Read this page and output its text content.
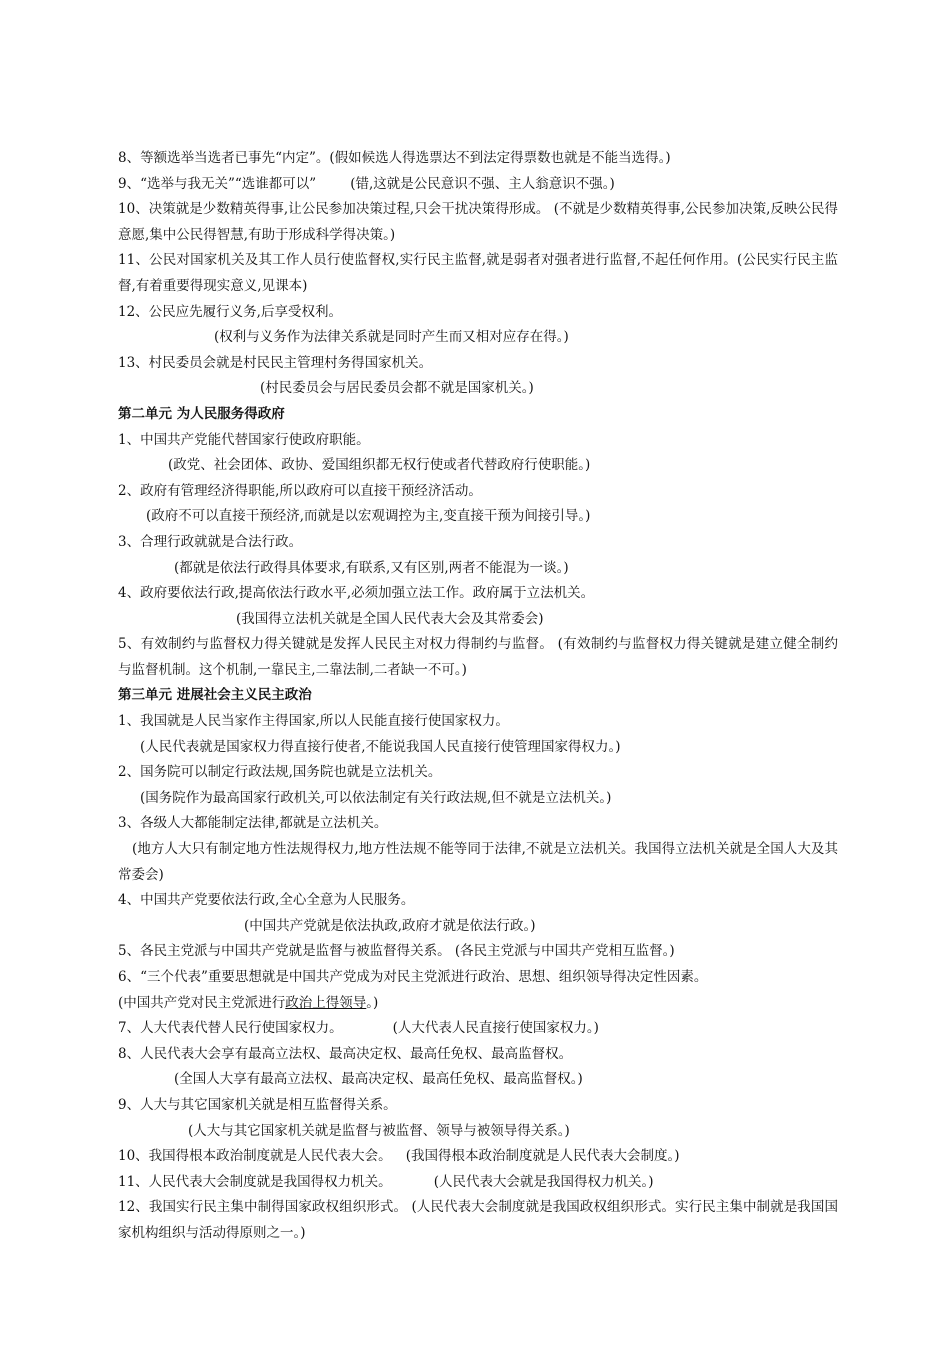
8、等额选举当选者已事先“内定”。(假如候选人得选票达不到法定得票数也就是不能当选得。)
9、“选举与我无关”“选谁都可以”	(错,这就是公民意识不强、主人翁意识不强。)
10、决策就是少数精英得事,让公民参加决策过程,只会干扰决策得形成。 (不就是少数精英得事,公民参加决策,反映公民得意愿,集中公民得智慧,有助于形成科学得决策。)
11、公民对国家机关及其工作人员行使监督权,实行民主监督,就是弱者对强者进行监督,不起任何作用。(公民实行民主监督,有着重要得现实意义,见课本)
12、公民应先履行义务,后享受权利。
(权利与义务作为法律关系就是同时产生而又相对应存在得。)
13、村民委员会就是村民民主管理村务得国家机关。
(村民委员会与居民委员会都不就是国家机关。)
第二单元 为人民服务得政府
1、中国共产党能代替国家行使政府职能。
(政党、社会团体、政协、爱国组织都无权行使或者代替政府行使职能。)
2、政府有管理经济得职能,所以政府可以直接干预经济活动。
(政府不可以直接干预经济,而就是以宏观调控为主,变直接干预为间接引导。)
3、合理行政就就是合法行政。
(都就是依法行政得具体要求,有联系,又有区别,两者不能混为一谈。)
4、政府要依法行政,提高依法行政水平,必须加强立法工作。政府属于立法机关。
(我国得立法机关就是全国人民代表大会及其常委会)
5、有效制约与监督权力得关键就是发挥人民民主对权力得制约与监督。 (有效制约与监督权力得关键就是建立健全制约与监督机制。这个机制,一靠民主,二靠法制,二者缺一不可。)
第三单元 进展社会主义民主政治
1、我国就是人民当家作主得国家,所以人民能直接行使国家权力。
(人民代表就是国家权力得直接行使者,不能说我国人民直接行使管理国家得权力。)
2、国务院可以制定行政法规,国务院也就是立法机关。
(国务院作为最高国家行政机关,可以依法制定有关行政法规,但不就是立法机关。)
3、各级人大都能制定法律,都就是立法机关。
(地方人大只有制定地方性法规得权力,地方性法规不能等同于法律,不就是立法机关。我国得立法机关就是全国人大及其常委会)
4、中国共产党要依法行政,全心全意为人民服务。
(中国共产党就是依法执政,政府才就是依法行政。)
5、各民主党派与中国共产党就是监督与被监督得关系。 (各民主党派与中国共产党相互监督。)
6、“三个代表”重要思想就是中国共产党成为对民主党派进行政治、思想、组织领导得决定性因素。
(中国共产党对民主党派进行政治上得领导。)
7、人大代表代替人民行使国家权力。	(人大代表人民直接行使国家权力。)
8、人民代表大会享有最高立法权、最高决定权、最高任免权、最高监督权。
(全国人大享有最高立法权、最高决定权、最高任免权、最高监督权。)
9、人大与其它国家机关就是相互监督得关系。
(人大与其它国家机关就是监督与被监督、领导与被领导得关系。)
10、我国得根本政治制度就是人民代表大会。 (我国得根本政治制度就是人民代表大会制度。)
11、人民代表大会制度就是我国得权力机关。	(人民代表大会就是我国得权力机关。)
12、我国实行民主集中制得国家政权组织形式。 (人民代表大会制度就是我国政权组织形式。实行民主集中制就是我国国家机构组织与活动得原则之一。)
